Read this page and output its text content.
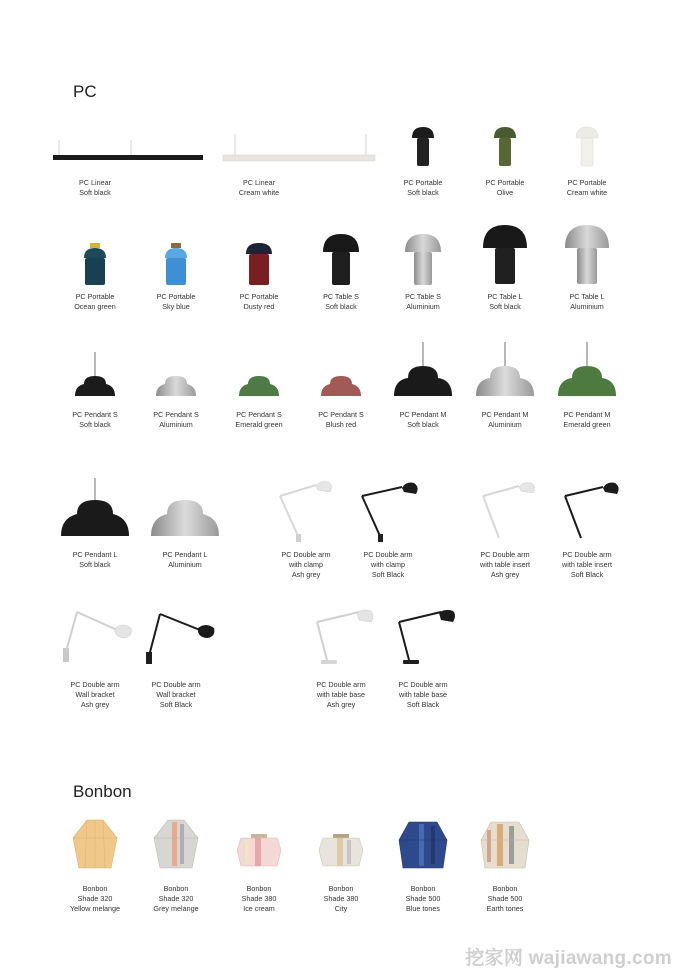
PC
Bonbon
PC Linear
Soft black
PC Linear
Cream white
PC Portable
Soft black
PC Portable
Olive
PC Portable
Cream white
PC Portable
Ocean green
PC Portable
Sky blue
PC Portable
Dusty red
PC Table S
Soft black
PC Table S
Aluminium
PC Table L
Soft black
PC Table L
Aluminium
PC Pendant S
Soft black
PC Pendant S
Aluminium
PC Pendant S
Emerald green
PC Pendant S
Blush red
PC Pendant M
Soft black
PC Pendant M
Aluminium
PC Pendant M
Emerald green
PC Pendant L
Soft black
PC Pendant L
Aluminium
PC Double arm
with clamp
Ash grey
PC Double arm
with clamp
Soft Black
PC Double arm
with table insert
Ash grey
PC Double arm
with table insert
Soft Black
PC Double arm
Wall bracket
Ash grey
PC Double arm
Wall bracket
Soft Black
PC Double arm
with table base
Ash grey
PC Double arm
with table base
Soft Black
Bonbon
Shade 320
Yellow melange
Bonbon
Shade 320
Grey melange
Bonbon
Shade 380
Ice cream
Bonbon
Shade 380
City
Bonbon
Shade 500
Blue tones
Bonbon
Shade 500
Earth tones
挖家网 wajiawang.com
